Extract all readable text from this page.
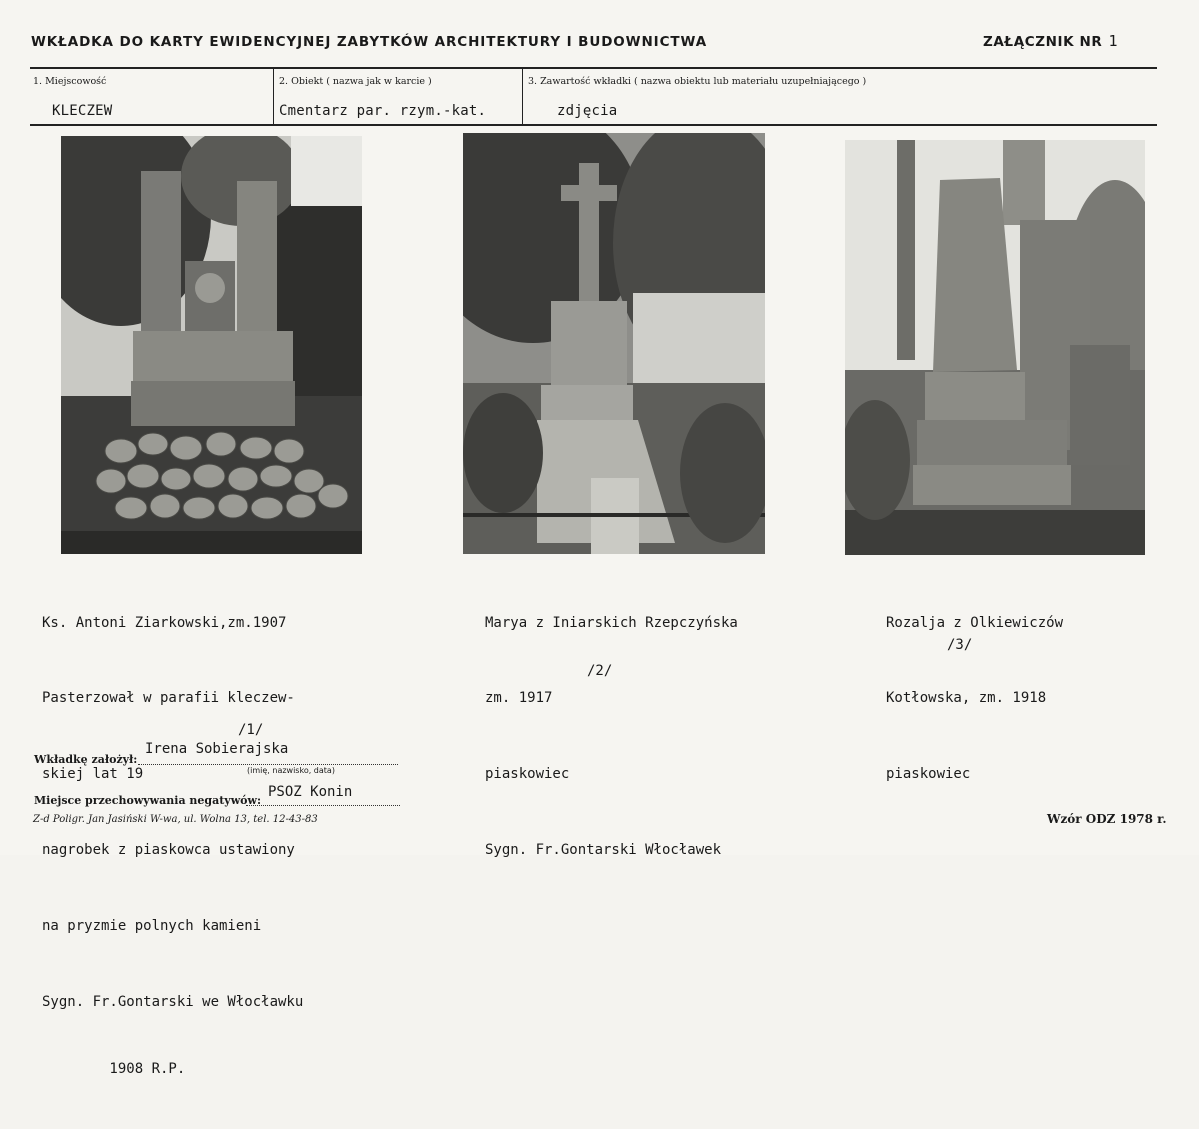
WKŁADKA DO KARTY EWIDENCYJNEJ ZABYTKÓW ARCHITEKTURY I BUDOWNICTWA	ZAŁĄCZNIK NR 1
1. Miejscowość
KLECZEW
2. Obiekt ( nazwa jak w karcie )
Cmentarz par. rzym.-kat.
3. Zawartość wkładki ( nazwa obiektu lub materiału uzupełniającego )
zdjęcia

Ks. Antoni Ziarkowski,zm.1907

Pasterzował w parafii kleczew-

skiej lat 19

nagrobek z piaskowca ustawiony

na pryzmie polnych kamieni

Sygn. Fr.Gontarski we Włocławku

1908 R.P.

/1/

Marya z Iniarskich Rzepczyńska

zm. 1917

piaskowiec

Sygn. Fr.Gontarski Włocławek

/2/

Rozalja z Olkiewiczów

Kotłowska, zm. 1918

piaskowiec

/3/
Wkładkę założył:
Irena Sobierajska
(imię, nazwisko, data)
Miejsce przechowywania negatywów:
PSOZ Konin
Z-d Poligr. Jan Jasiński W-wa, ul. Wolna 13, tel. 12-43-83	Wzór ODZ 1978 r.
